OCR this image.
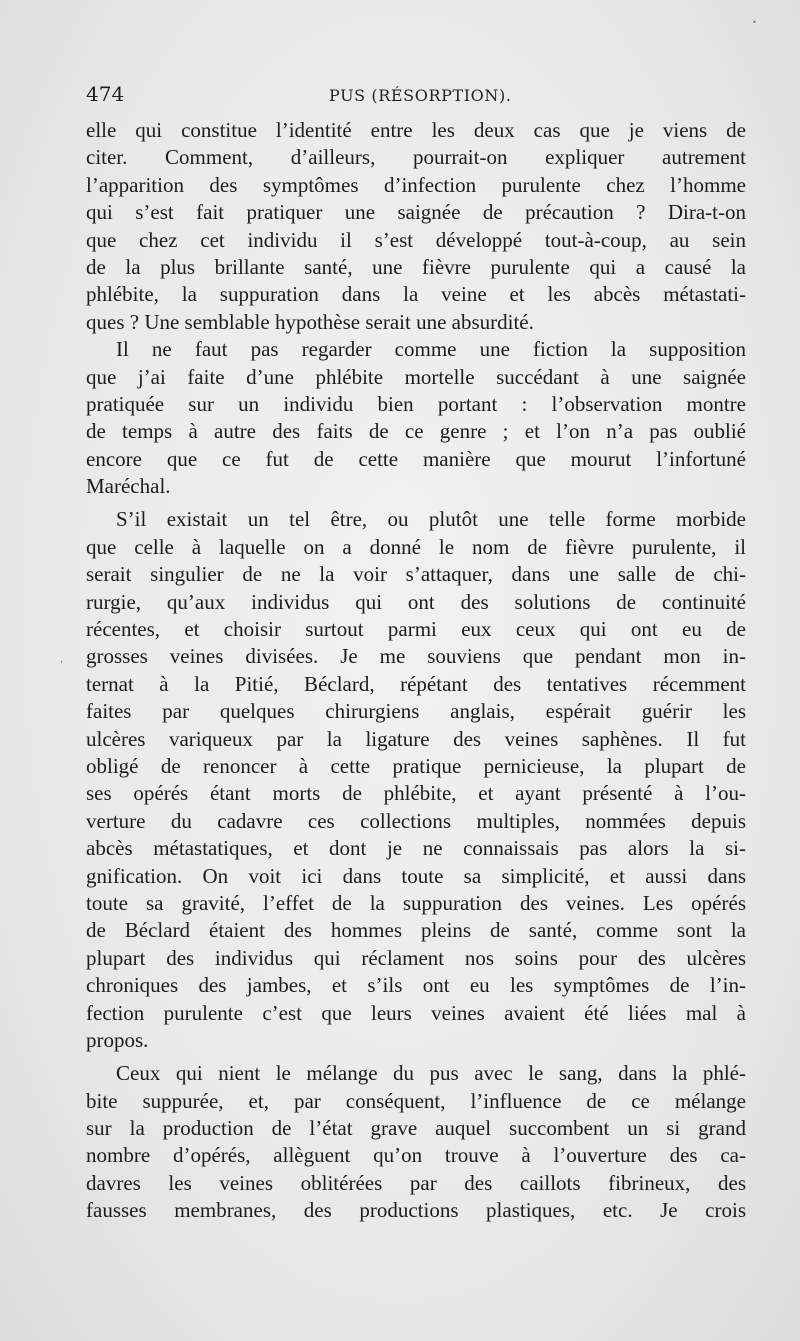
474	PUS (RÉSORPTION).
elle qui constitue l’identité entre les deux cas que je viens de
citer. Comment, d’ailleurs, pourrait-on expliquer autrement
l’apparition des symptômes d’infection purulente chez l’homme
qui s’est fait pratiquer une saignée de précaution ? Dira-t-on
que chez cet individu il s’est développé tout-à-coup, au sein
de la plus brillante santé, une fièvre purulente qui a causé la
phlébite, la suppuration dans la veine et les abcès métastati-
ques ? Une semblable hypothèse serait une absurdité.
Il ne faut pas regarder comme une fiction la supposition
que j’ai faite d’une phlébite mortelle succédant à une saignée
pratiquée sur un individu bien portant : l’observation montre
de temps à autre des faits de ce genre ; et l’on n’a pas oublié
encore que ce fut de cette manière que mourut l’infortuné
Maréchal.
S’il existait un tel être, ou plutôt une telle forme morbide
que celle à laquelle on a donné le nom de fièvre purulente, il
serait singulier de ne la voir s’attaquer, dans une salle de chi-
rurgie, qu’aux individus qui ont des solutions de continuité
récentes, et choisir surtout parmi eux ceux qui ont eu de
grosses veines divisées. Je me souviens que pendant mon in-
ternat à la Pitié, Béclard, répétant des tentatives récemment
faites par quelques chirurgiens anglais, espérait guérir les
ulcères variqueux par la ligature des veines saphènes. Il fut
obligé de renoncer à cette pratique pernicieuse, la plupart de
ses opérés étant morts de phlébite, et ayant présenté à l’ou-
verture du cadavre ces collections multiples, nommées depuis
abcès métastatiques, et dont je ne connaissais pas alors la si-
gnification. On voit ici dans toute sa simplicité, et aussi dans
toute sa gravité, l’effet de la suppuration des veines. Les opérés
de Béclard étaient des hommes pleins de santé, comme sont la
plupart des individus qui réclament nos soins pour des ulcères
chroniques des jambes, et s’ils ont eu les symptômes de l’in-
fection purulente c’est que leurs veines avaient été liées mal à
propos.
Ceux qui nient le mélange du pus avec le sang, dans la phlé-
bite suppurée, et, par conséquent, l’influence de ce mélange
sur la production de l’état grave auquel succombent un si grand
nombre d’opérés, allèguent qu’on trouve à l’ouverture des ca-
davres les veines oblitérées par des caillots fibrineux, des
fausses membranes, des productions plastiques, etc. Je crois
•
ʼ
